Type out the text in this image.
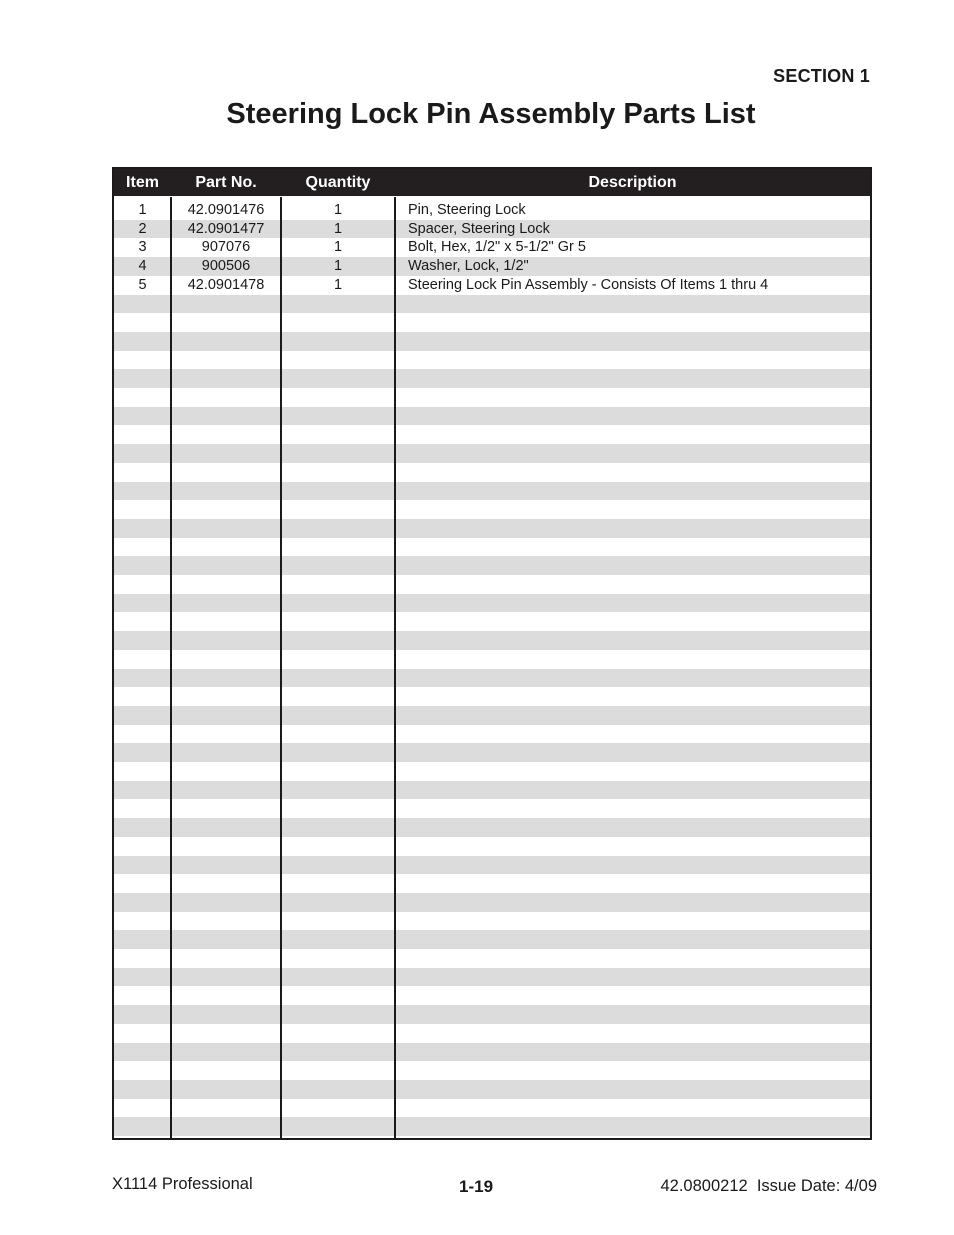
SECTION 1
Steering Lock Pin Assembly Parts List
Item	Part No.	Quantity	Description
1	42.0901476	1	Pin, Steering Lock
2	42.0901477	1	Spacer, Steering Lock
3	907076	1	Bolt, Hex, 1/2" x 5-1/2" Gr 5
4	900506	1	Washer, Lock, 1/2"
5	42.0901478	1	Steering Lock Pin Assembly - Consists Of Items 1 thru 4
X1114 Professional	1-19	42.0800212  Issue Date: 4/09
